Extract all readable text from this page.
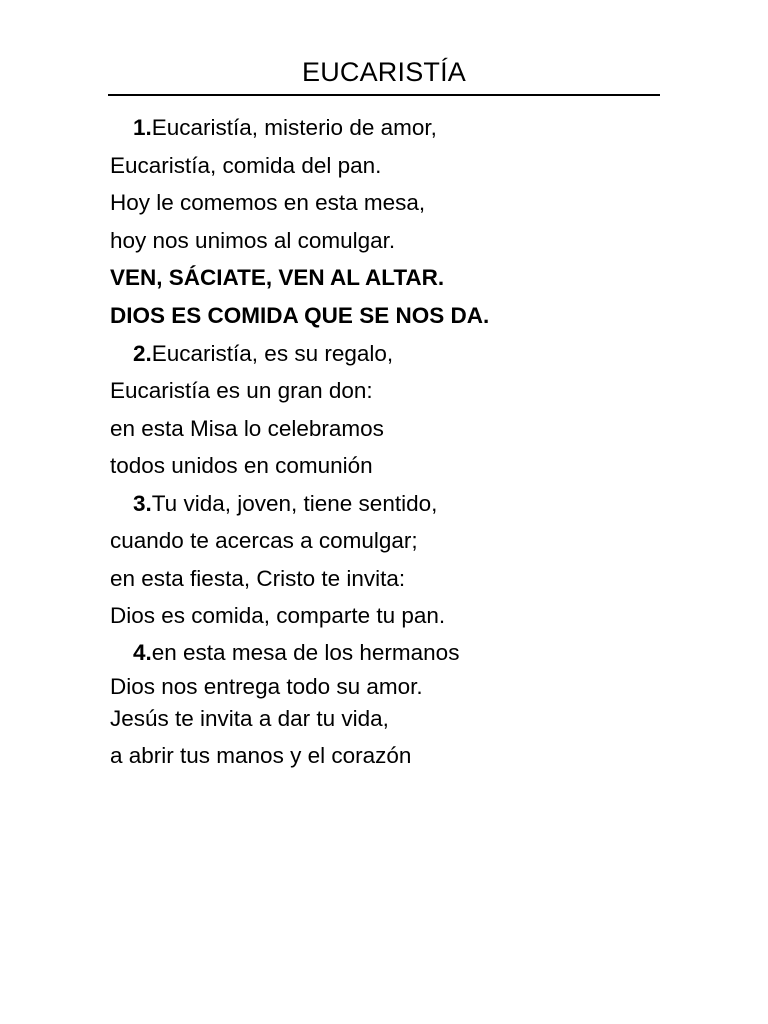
EUCARISTÍA
1.Eucaristía, misterio de amor,
Eucaristía, comida del pan.
Hoy le comemos en esta mesa,
hoy nos unimos al comulgar.
VEN, SÁCIATE, VEN AL ALTAR.
DIOS ES COMIDA QUE SE NOS DA.
2.Eucaristía, es su regalo,
Eucaristía es un gran don:
en esta Misa lo celebramos
todos unidos en comunión
3.Tu vida, joven, tiene sentido,
cuando te acercas a comulgar;
en esta fiesta, Cristo te invita:
Dios es comida, comparte tu pan.
4.en esta mesa de los hermanos
Dios nos entrega todo su amor.
Jesús te invita a dar tu vida,
a abrir tus manos y el corazón
